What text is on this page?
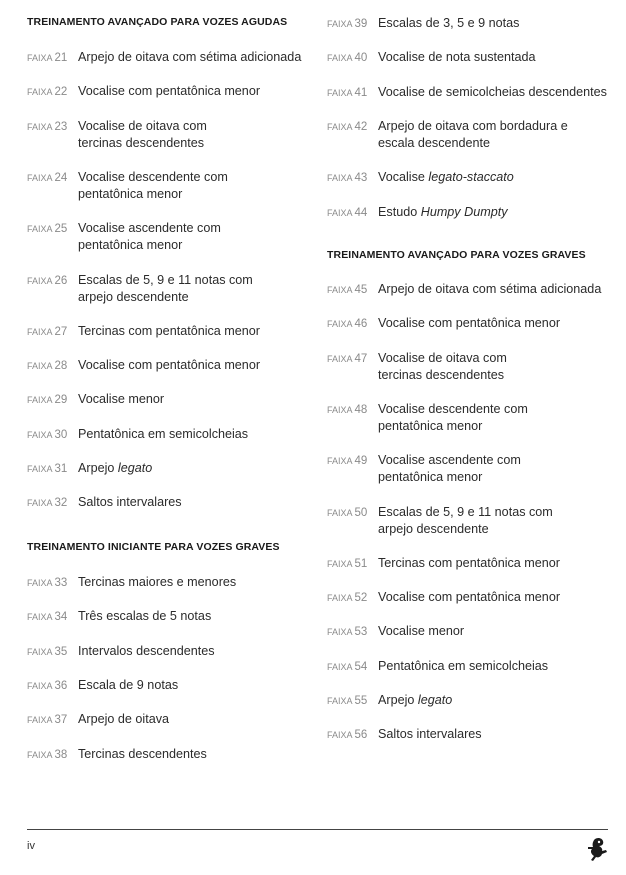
TREINAMENTO AVANÇADO PARA VOZES AGUDAS
FAIXA 21 Arpejo de oitava com sétima adicionada
FAIXA 22 Vocalise com pentatônica menor
FAIXA 23 Vocalise de oitava com
tercinas descendentes
FAIXA 24 Vocalise descendente com
pentatônica menor
FAIXA 25 Vocalise ascendente com
pentatônica menor
FAIXA 26 Escalas de 5, 9 e 11 notas com
arpejo descendente
FAIXA 27 Tercinas com pentatônica menor
FAIXA 28 Vocalise com pentatônica menor
FAIXA 29 Vocalise menor
FAIXA 30 Pentatônica em semicolcheias
FAIXA 31 Arpejo legato
FAIXA 32 Saltos intervalares
TREINAMENTO INICIANTE PARA VOZES GRAVES
FAIXA 33 Tercinas maiores e menores
FAIXA 34 Três escalas de 5 notas
FAIXA 35 Intervalos descendentes
FAIXA 36 Escala de 9 notas
FAIXA 37 Arpejo de oitava
FAIXA 38 Tercinas descendentes
FAIXA 39 Escalas de 3, 5 e 9 notas
FAIXA 40 Vocalise de nota sustentada
FAIXA 41 Vocalise de semicolcheias descendentes
FAIXA 42 Arpejo de oitava com bordadura e
escala descendente
FAIXA 43 Vocalise legato-staccato
FAIXA 44 Estudo Humpy Dumpty
TREINAMENTO AVANÇADO PARA VOZES GRAVES
FAIXA 45 Arpejo de oitava com sétima adicionada
FAIXA 46 Vocalise com pentatônica menor
FAIXA 47 Vocalise de oitava com
tercinas descendentes
FAIXA 48 Vocalise descendente com
pentatônica menor
FAIXA 49 Vocalise ascendente com
pentatônica menor
FAIXA 50 Escalas de 5, 9 e 11 notas com
arpejo descendente
FAIXA 51 Tercinas com pentatônica menor
FAIXA 52 Vocalise com pentatônica menor
FAIXA 53 Vocalise menor
FAIXA 54 Pentatônica em semicolcheias
FAIXA 55 Arpejo legato
FAIXA 56 Saltos intervalares
iv
